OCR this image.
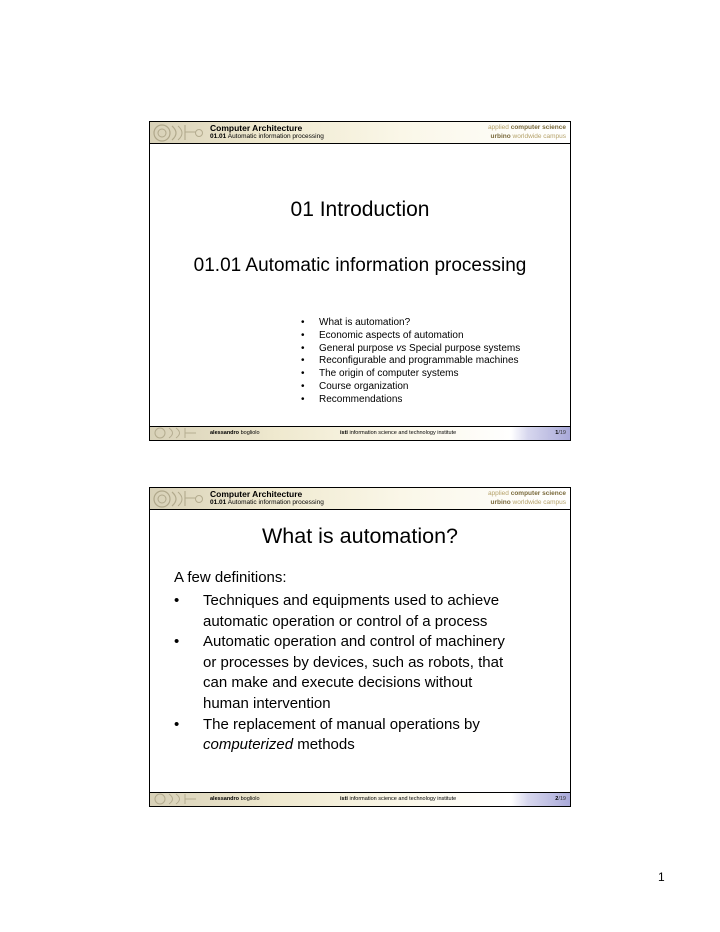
Computer Architecture
01.01 Automatic information processing
applied computer science
urbino worldwide campus
01 Introduction
01.01 Automatic information processing
• What is automation?
• Economic aspects of automation
• General purpose vs Special purpose systems
• Reconfigurable and programmable machines
• The origin of computer systems
• Course organization
• Recommendations
alessandro bogliolo	isti information science and technology institute	1/19
Computer Architecture
01.01 Automatic information processing
applied computer science
urbino worldwide campus
What is automation?
A few definitions:
• Techniques and equipments used to achieve
automatic operation or control of a process
• Automatic operation and control of machinery
or processes by devices, such as robots, that
can make and execute decisions without
human intervention
• The replacement of manual operations by
computerized methods
alessandro bogliolo	isti information science and technology institute	2/19
1
